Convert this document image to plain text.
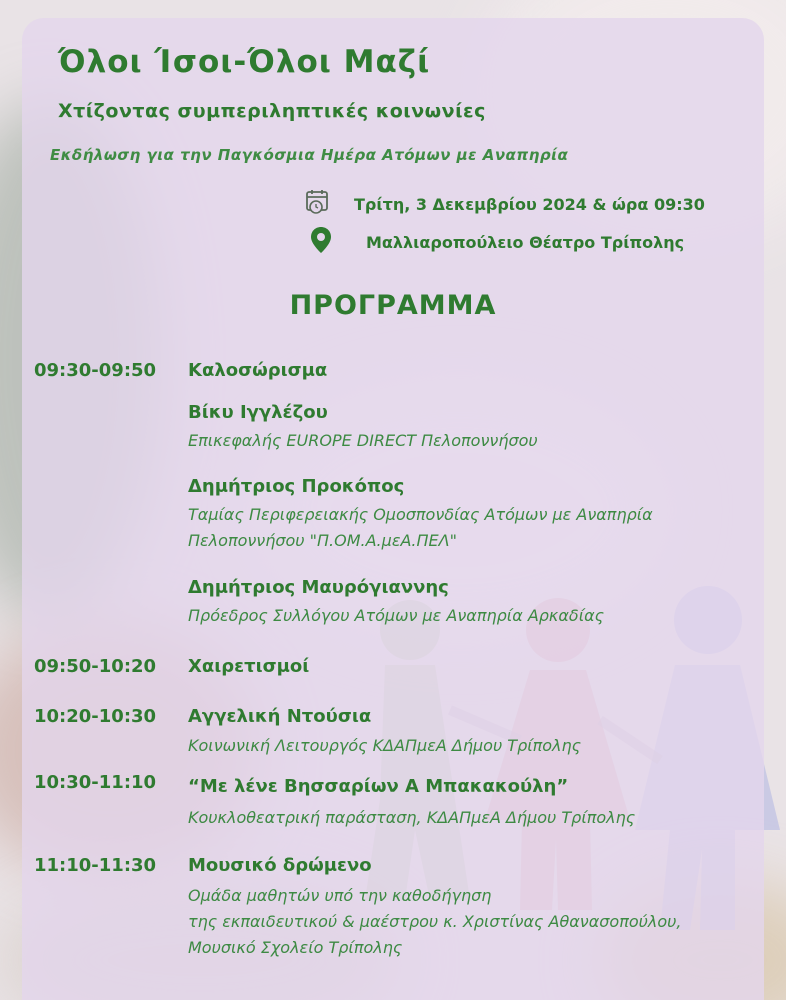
Όλοι Ίσοι-Όλοι Μαζί
Χτίζοντας συμπεριληπτικές κοινωνίες
Εκδήλωση για την Παγκόσμια Ημέρα Ατόμων με Αναπηρία
Τρίτη, 3 Δεκεμβρίου 2024 & ώρα 09:30
Μαλλιαροπούλειο Θέατρο Τρίπολης
ΠΡΟΓΡΑΜΜΑ
09:30-09:50 Καλοσώρισμα
Βίκυ Ιγγλέζου
Επικεφαλής EUROPE DIRECT Πελοποννήσου
Δημήτριος Προκόπος
Ταμίας Περιφερειακής Ομοσπονδίας Ατόμων με Αναπηρία
Πελοποννήσου "Π.ΟΜ.Α.μεΑ.ΠΕΛ"
Δημήτριος Μαυρόγιαννης
Πρόεδρος Συλλόγου Ατόμων με Αναπηρία Αρκαδίας
09:50-10:20 Χαιρετισμοί
10:20-10:30 Αγγελική Ντούσια
Κοινωνική Λειτουργός ΚΔΑΠμεΑ Δήμου Τρίπολης
10:30-11:10 “Με λένε Βησσαρίων Α Μπακακούλη”
Κουκλοθεατρική παράσταση, ΚΔΑΠμεΑ Δήμου Τρίπολης
11:10-11:30 Μουσικό δρώμενο
Ομάδα μαθητών υπό την καθοδήγηση
της εκπαιδευτικού & μαέστρου κ. Χριστίνας Αθανασοπούλου,
Μουσικό Σχολείο Τρίπολης
